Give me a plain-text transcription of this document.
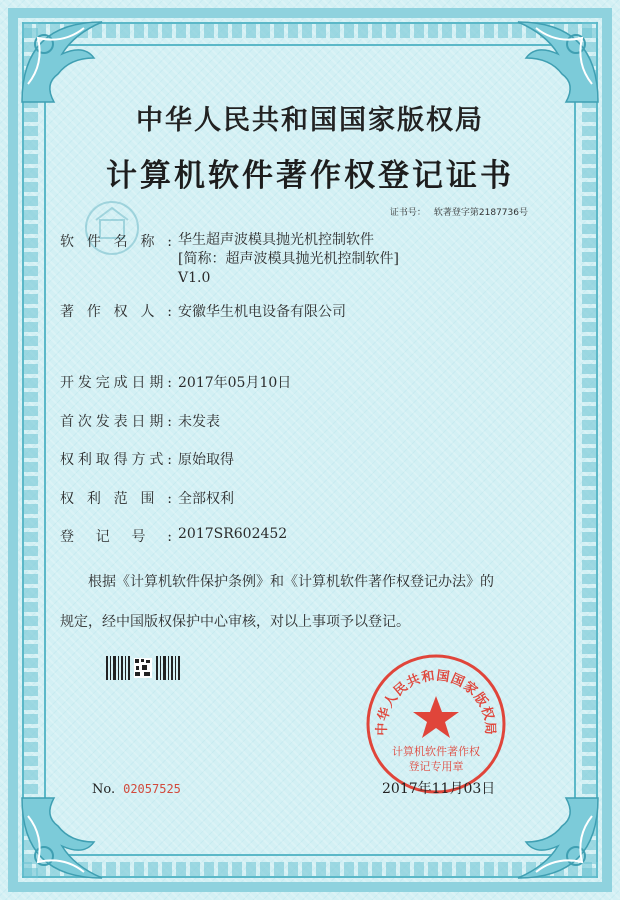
中华人民共和国国家版权局
计算机软件著作权登记证书
证书号： 软著登字第2187736号
软件名称: 华生超声波模具抛光机控制软件
[简称：超声波模具抛光机控制软件]
V1.0
著作权人: 安徽华生机电设备有限公司
开发完成日期: 2017年05月10日
首次发表日期: 未发表
权利取得方式: 原始取得
权利范围: 全部权利
登记号: 2017SR602452
根据《计算机软件保护条例》和《计算机软件著作权登记办法》的
规定，经中国版权保护中心审核，对以上事项予以登记。
No. 02057525
中华人民共和国国家版权局
计算机软件著作权
登记专用章
2017年11月03日
